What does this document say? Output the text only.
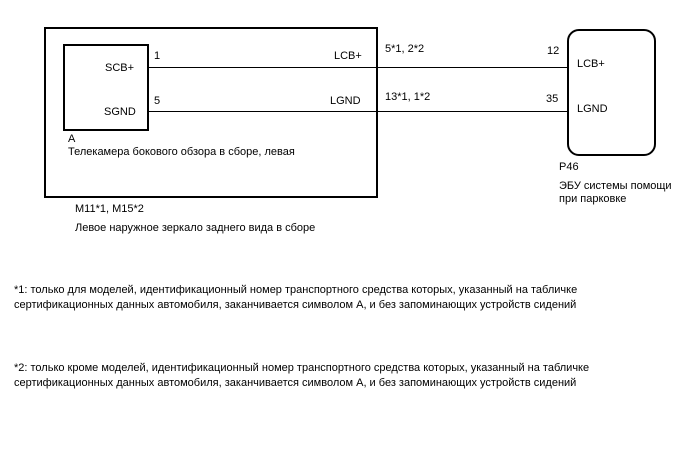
SCB+
SGND
1
5
LCB+
LGND
5*1, 2*2
13*1, 1*2
12
35
LCB+
LGND
A
Телекамера бокового обзора в сборе, левая
M11*1, M15*2
Левое наружное зеркало заднего вида в сборе
P46
ЭБУ системы помощи
при парковке
*1: только для моделей, идентификационный номер транспортного средства которых, указанный на табличке
сертификационных данных автомобиля, заканчивается символом А, и без запоминающих устройств сидений
*2: только кроме моделей, идентификационный номер транспортного средства которых, указанный на табличке
сертификационных данных автомобиля, заканчивается символом А, и без запоминающих устройств сидений
